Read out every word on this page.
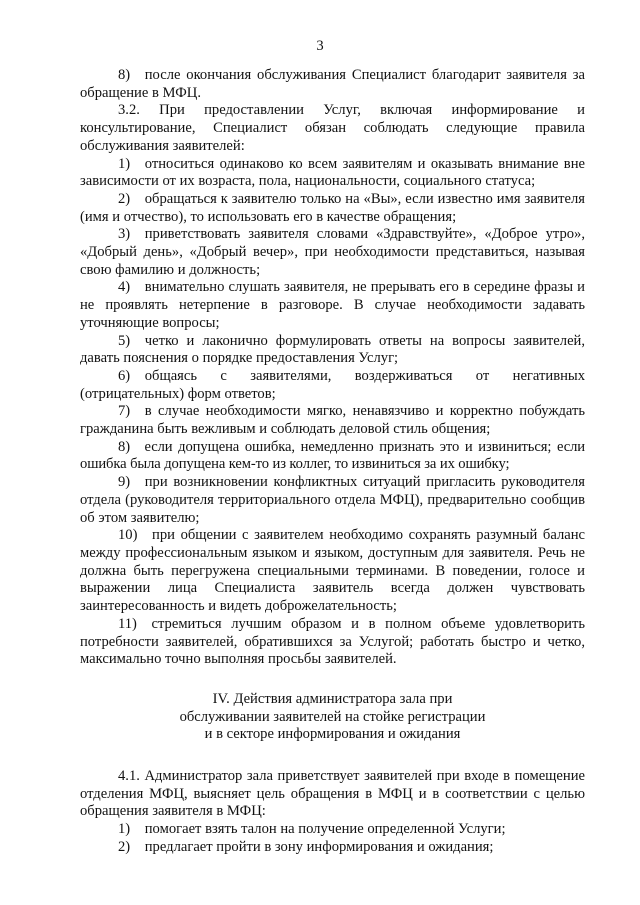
3

8) после окончания обслуживания Специалист благодарит заявителя за обращение в МФЦ.

3.2. При предоставлении Услуг, включая информирование и консультирование, Специалист обязан соблюдать следующие правила обслуживания заявителей:

1) относиться одинаково ко всем заявителям и оказывать внимание вне зависимости от их возраста, пола, национальности, социального статуса;

2) обращаться к заявителю только на «Вы», если известно имя заявителя (имя и отчество), то использовать его в качестве обращения;

3) приветствовать заявителя словами «Здравствуйте», «Доброе утро», «Добрый день», «Добрый вечер», при необходимости представиться, называя свою фамилию и должность;

4) внимательно слушать заявителя, не прерывать его в середине фразы и не проявлять нетерпение в разговоре. В случае необходимости задавать уточняющие вопросы;

5) четко и лаконично формулировать ответы на вопросы заявителей, давать пояснения о порядке предоставления Услуг;

6) общаясь с заявителями, воздерживаться от негативных (отрицательных) форм ответов;

7) в случае необходимости мягко, ненавязчиво и корректно побуждать гражданина быть вежливым и соблюдать деловой стиль общения;

8) если допущена ошибка, немедленно признать это и извиниться; если ошибка была допущена кем-то из коллег, то извиниться за их ошибку;

9) при возникновении конфликтных ситуаций пригласить руководителя отдела (руководителя территориального отдела МФЦ), предварительно сообщив об этом заявителю;

10) при общении с заявителем необходимо сохранять разумный баланс между профессиональным языком и языком, доступным для заявителя. Речь не должна быть перегружена специальными терминами. В поведении, голосе и выражении лица Специалиста заявитель всегда должен чувствовать заинтересованность и видеть доброжелательность;

11) стремиться лучшим образом и в полном объеме удовлетворить потребности заявителей, обратившихся за Услугой; работать быстро и четко, максимально точно выполняя просьбы заявителей.

IV. Действия администратора зала при
обслуживании заявителей на стойке регистрации
и в секторе информирования и ожидания

4.1. Администратор зала приветствует заявителей при входе в помещение отделения МФЦ, выясняет цель обращения в МФЦ и в соответствии с целью обращения заявителя в МФЦ:

1) помогает взять талон на получение определенной Услуги;

2) предлагает пройти в зону информирования и ожидания;
